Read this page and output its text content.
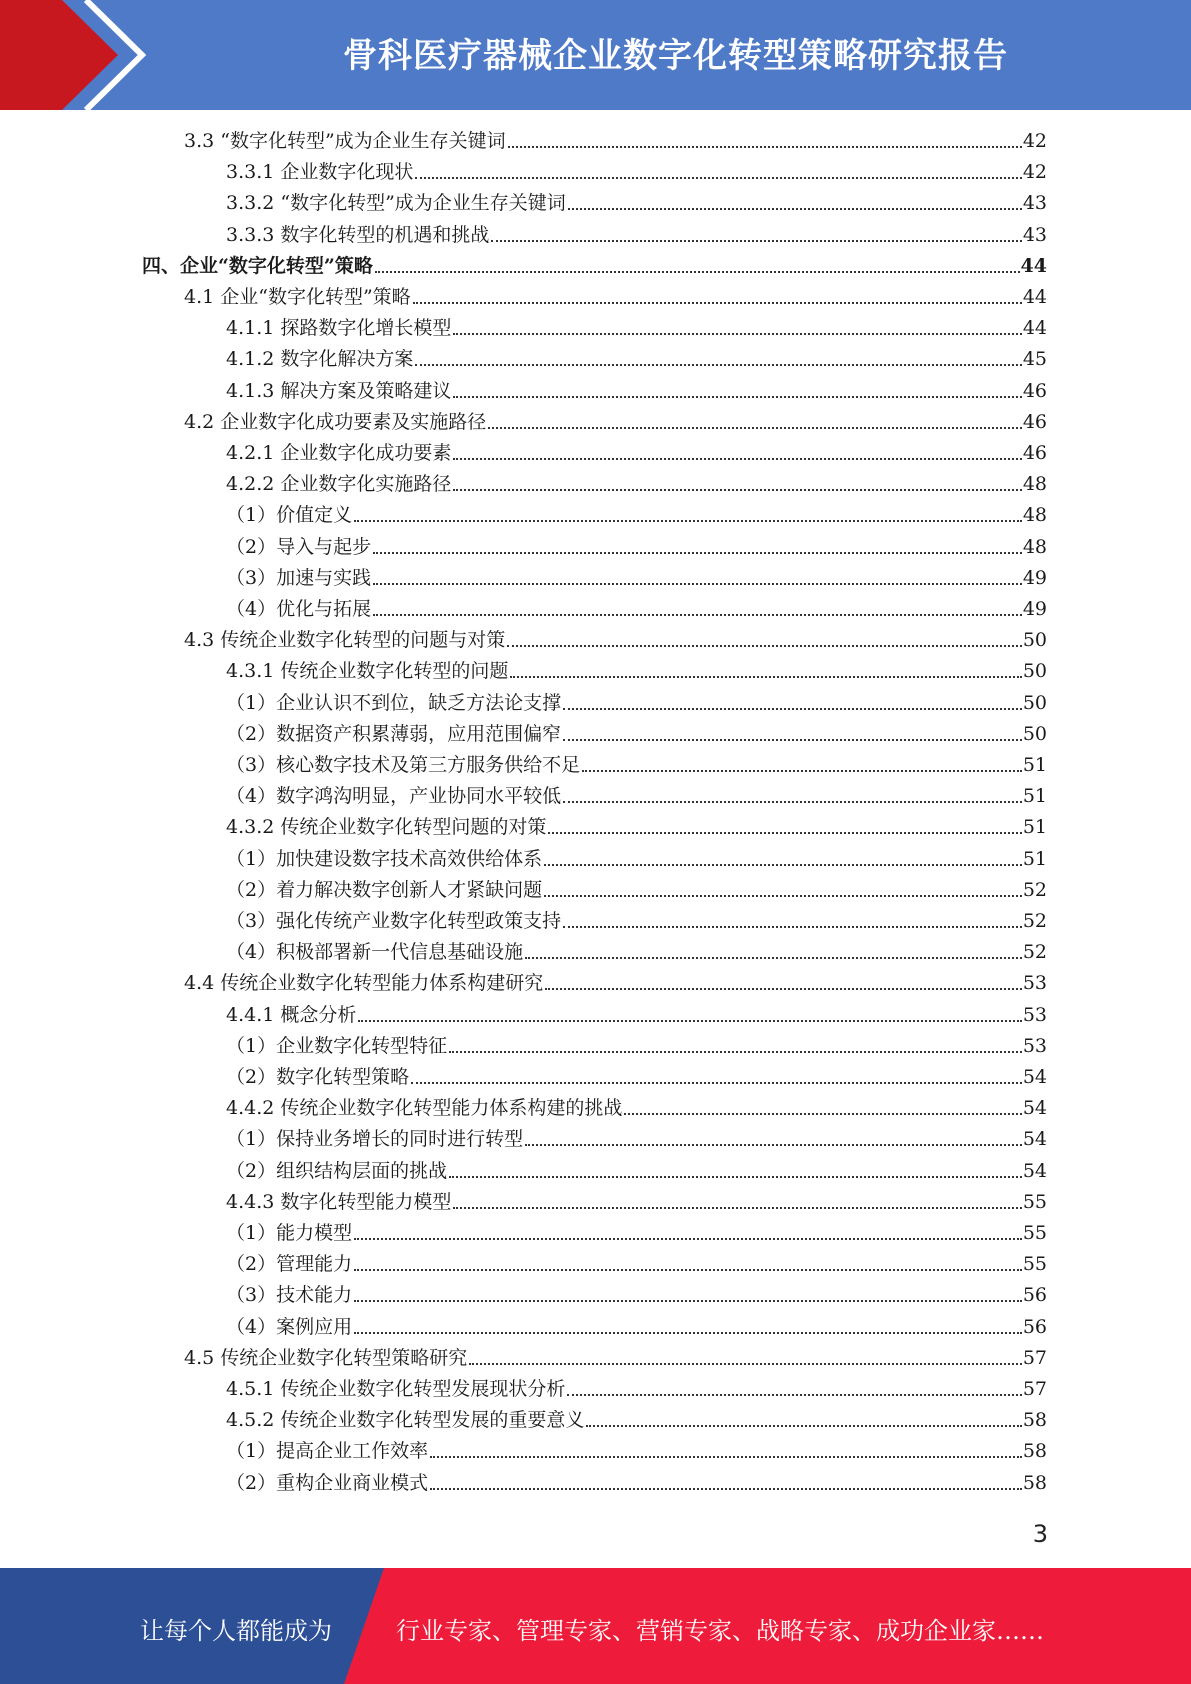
骨科医疗器械企业数字化转型策略研究报告
3.3 “数字化转型”成为企业生存关键词	42
3.3.1 企业数字化现状	42
3.3.2 “数字化转型”成为企业生存关键词	43
3.3.3 数字化转型的机遇和挑战	43
四、企业“数字化转型”策略	44
4.1 企业“数字化转型”策略	44
4.1.1 探路数字化增长模型	44
4.1.2 数字化解决方案	45
4.1.3 解决方案及策略建议	46
4.2 企业数字化成功要素及实施路径	46
4.2.1 企业数字化成功要素	46
4.2.2 企业数字化实施路径	48
（1）价值定义	48
（2）导入与起步	48
（3）加速与实践	49
（4）优化与拓展	49
4.3 传统企业数字化转型的问题与对策	50
4.3.1 传统企业数字化转型的问题	50
（1）企业认识不到位，缺乏方法论支撑	50
（2）数据资产积累薄弱，应用范围偏窄	50
（3）核心数字技术及第三方服务供给不足	51
（4）数字鸿沟明显，产业协同水平较低	51
4.3.2 传统企业数字化转型问题的对策	51
（1）加快建设数字技术高效供给体系	51
（2）着力解决数字创新人才紧缺问题	52
（3）强化传统产业数字化转型政策支持	52
（4）积极部署新一代信息基础设施	52
4.4 传统企业数字化转型能力体系构建研究	53
4.4.1 概念分析	53
（1）企业数字化转型特征	53
（2）数字化转型策略	54
4.4.2 传统企业数字化转型能力体系构建的挑战	54
（1）保持业务增长的同时进行转型	54
（2）组织结构层面的挑战	54
4.4.3 数字化转型能力模型	55
（1）能力模型	55
（2）管理能力	55
（3）技术能力	56
（4）案例应用	56
4.5 传统企业数字化转型策略研究	57
4.5.1 传统企业数字化转型发展现状分析	57
4.5.2 传统企业数字化转型发展的重要意义	58
（1）提高企业工作效率	58
（2）重构企业商业模式	58
3
让每个人都能成为	行业专家、管理专家、营销专家、战略专家、成功企业家……
